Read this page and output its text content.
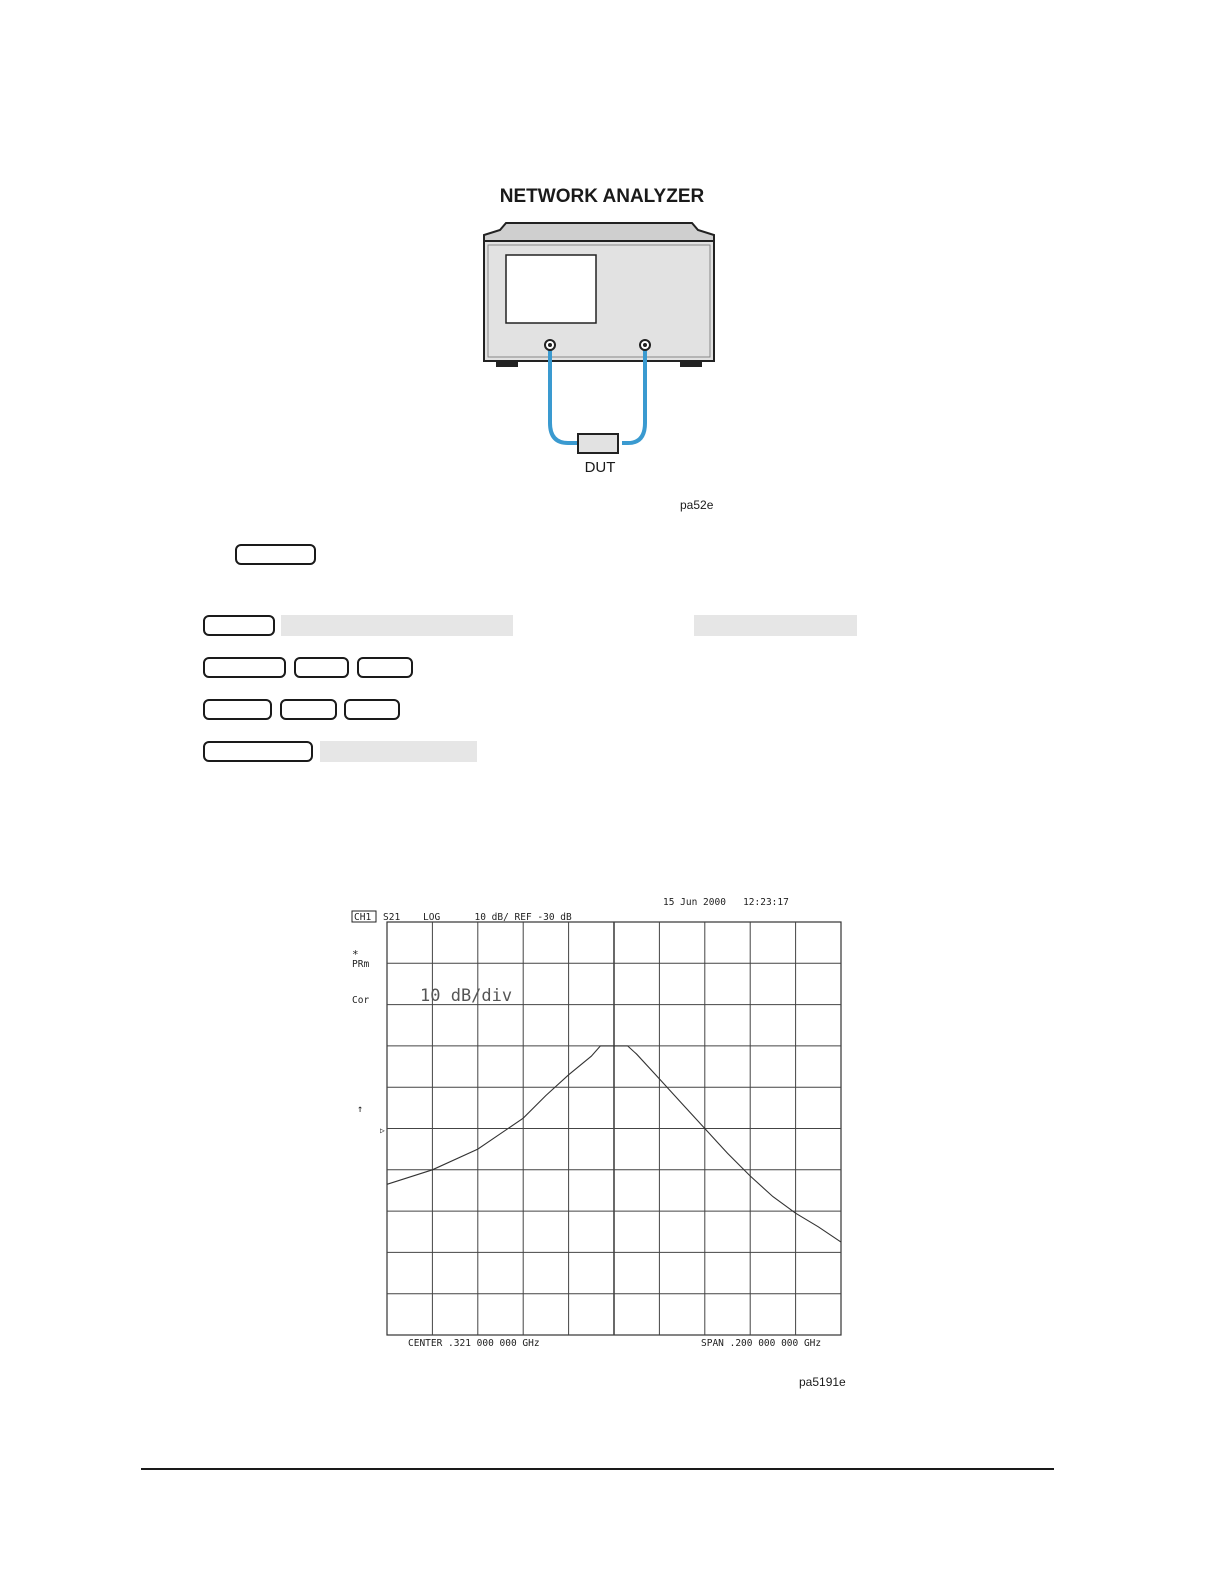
NETWORK ANALYZER
DUT
pa52e
15 Jun 2000   12:23:17
CH1 S21    LOG      10 dB/ REF -30 dB
*
PRm
Cor
↑
▷
10 dB/div
CENTER .321 000 000 GHz	SPAN .200 000 000 GHz
pa5191e
